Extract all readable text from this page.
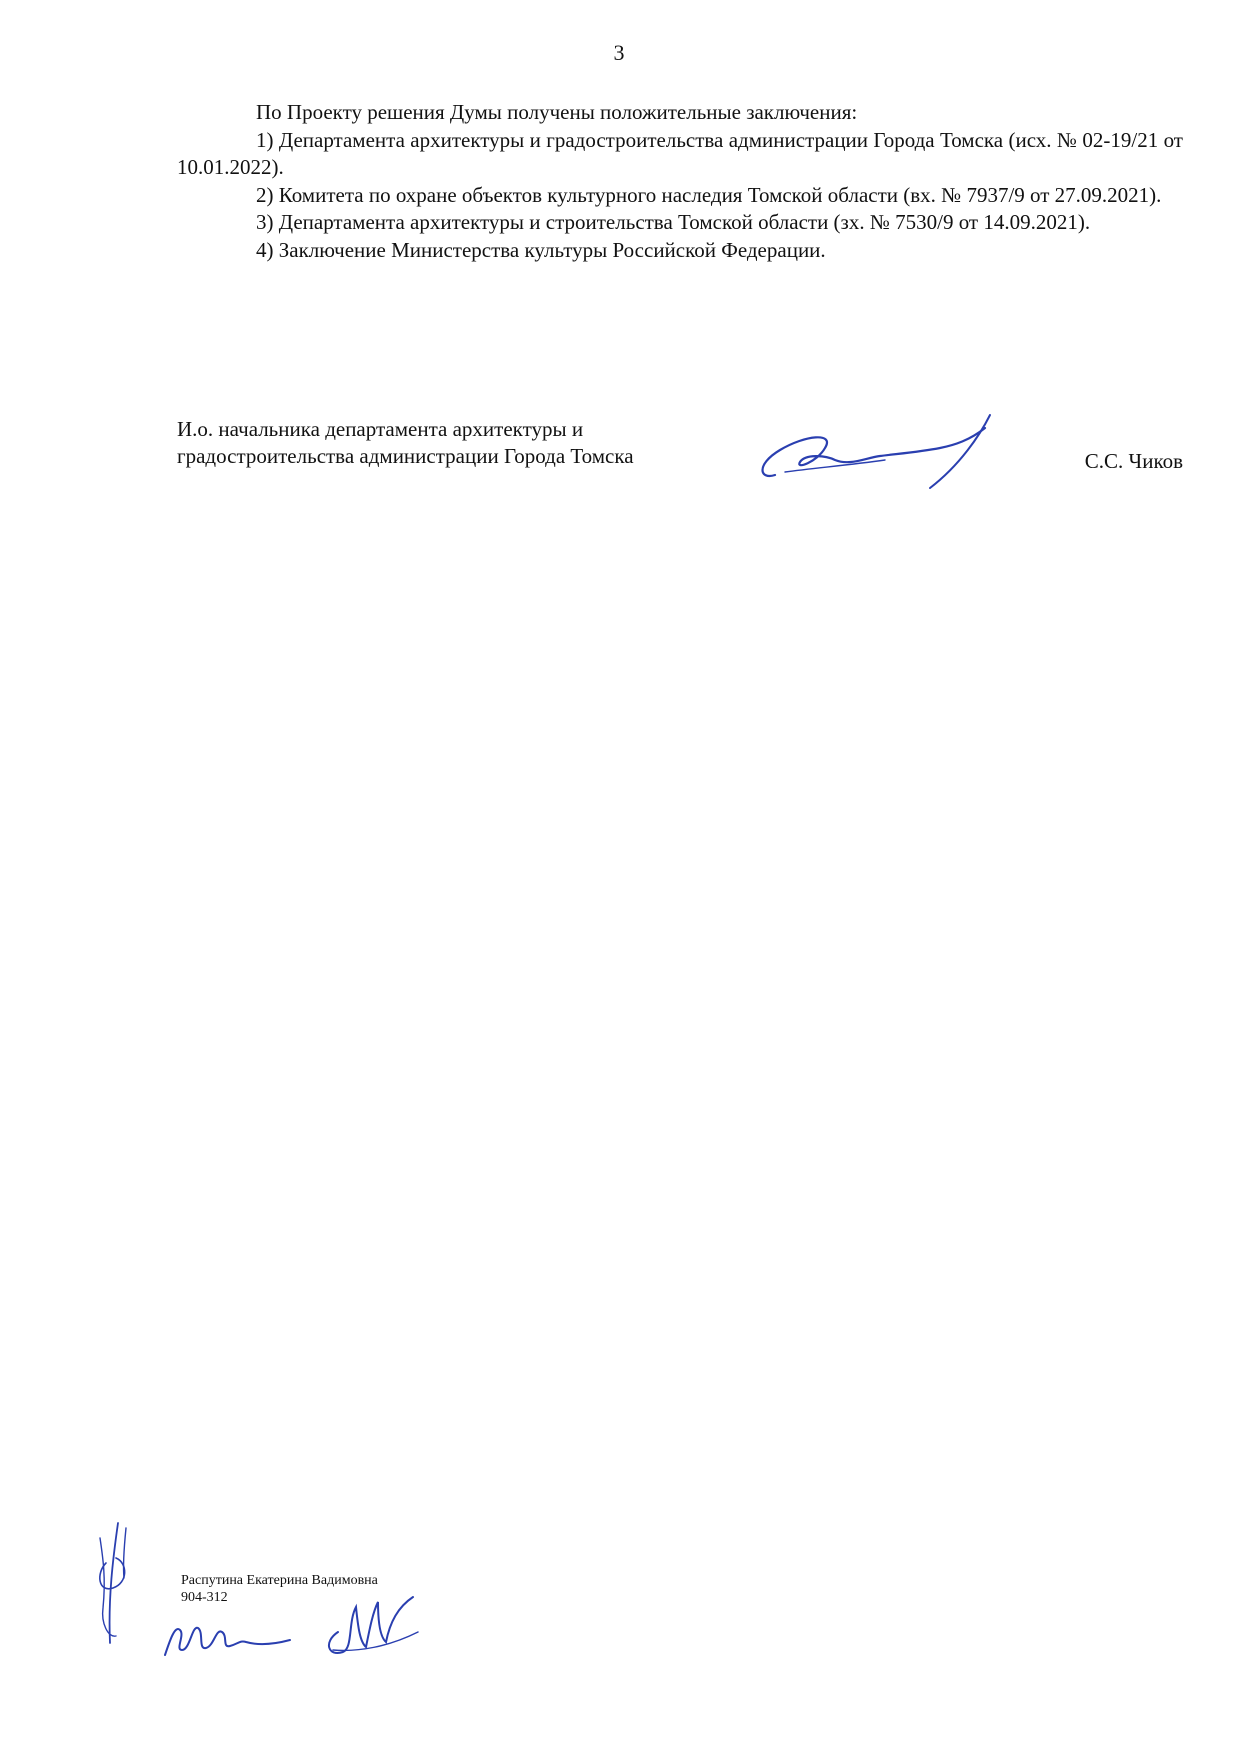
3

По Проекту решения Думы получены положительные заключения:

1) Департамента архитектуры и градостроительства администрации Города Томска (исх. № 02-19/21 от 10.01.2022).

2) Комитета по охране объектов культурного наследия Томской области (вх. № 7937/9 от 27.09.2021).

3) Департамента архитектуры и строительства Томской области (зх. № 7530/9 от 14.09.2021).

4) Заключение Министерства культуры Российской Федерации.

И.о. начальника департамента архитектуры и
градостроительства администрации Города Томска	С.С. Чиков
Распутина Екатерина Вадимовна
904-312
